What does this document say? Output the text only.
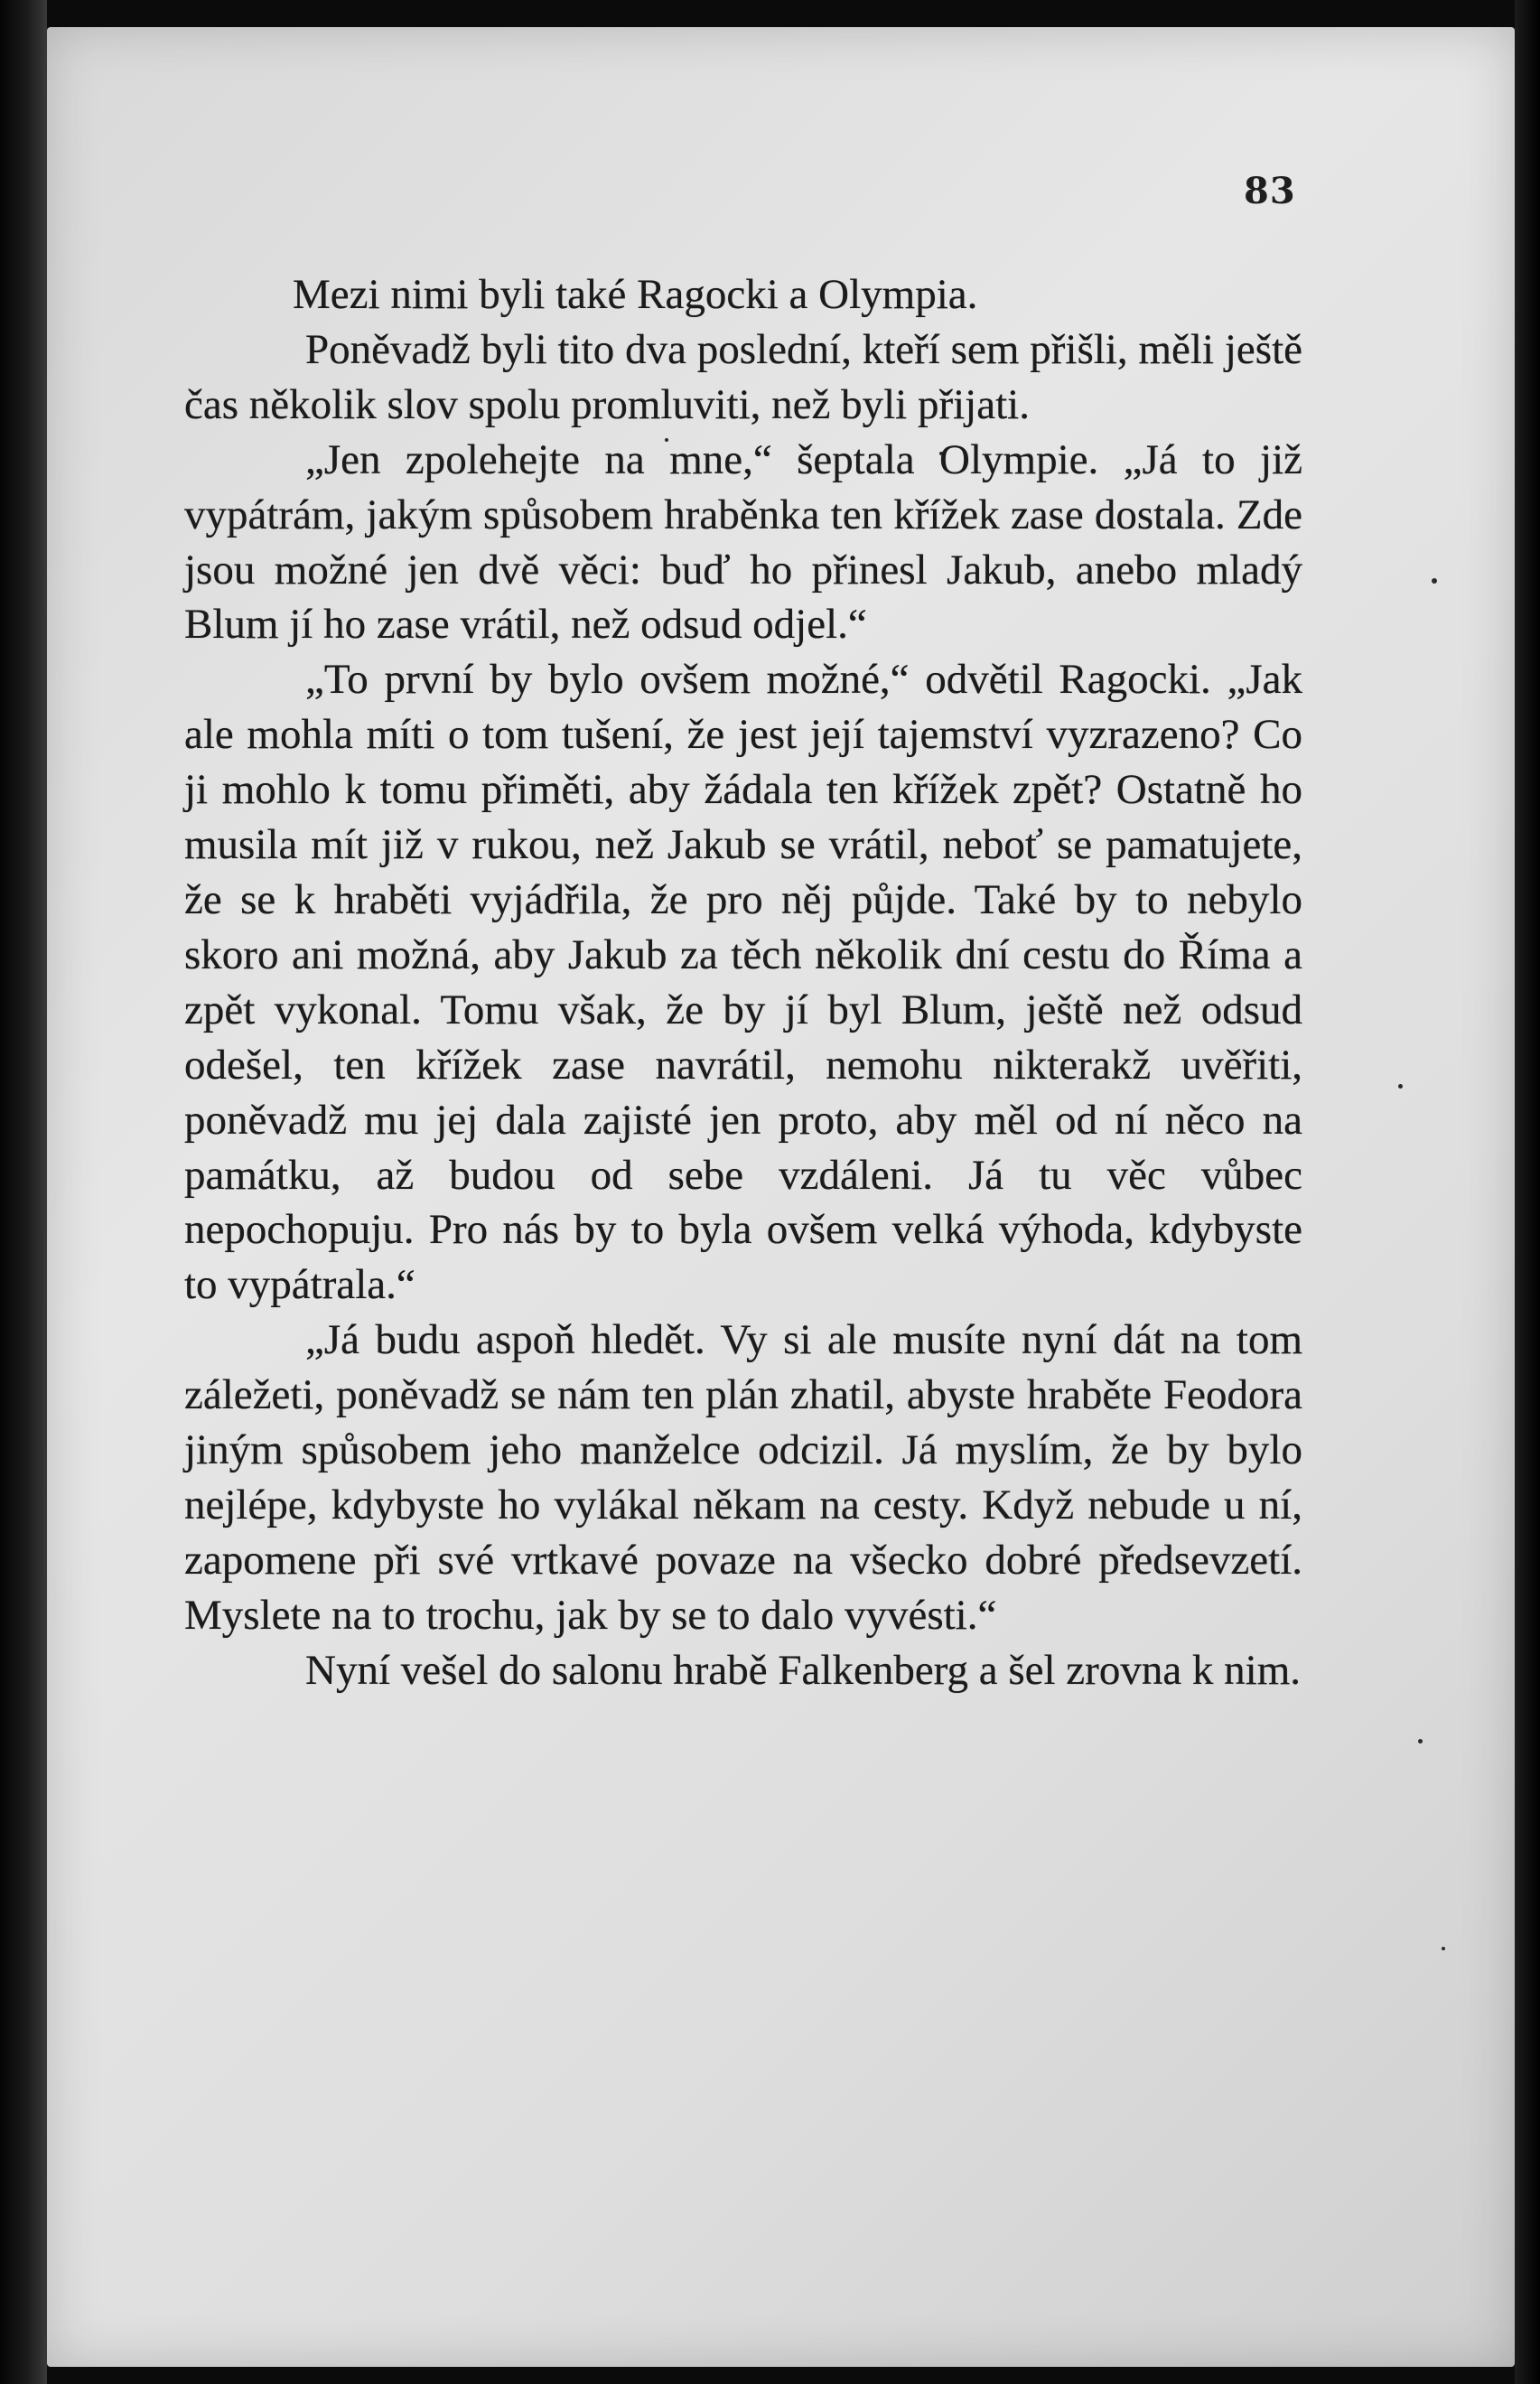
83

Mezi nimi byli také Ragocki a Olympia.

Poněvadž byli tito dva poslední, kteří sem přišli, měli ještě čas několik slov spolu promluviti, než byli přijati.

„Jen zpolehejte na mne,“ šeptala Olympie. „Já to již vypátrám, jakým spůsobem hraběnka ten křížek zase dostala. Zde jsou možné jen dvě věci: buď ho přinesl Jakub, anebo mladý Blum jí ho zase vrátil, než odsud odjel.“

„To první by bylo ovšem možné,“ odvětil Ragocki. „Jak ale mohla míti o tom tušení, že jest její tajemství vyzrazeno? Co ji mohlo k tomu přiměti, aby žádala ten křížek zpět? Ostatně ho musila mít již v rukou, než Jakub se vrátil, neboť se pamatujete, že se k hraběti vyjádřila, že pro něj půjde. Také by to nebylo skoro ani možná, aby Jakub za těch několik dní cestu do Říma a zpět vykonal. Tomu však, že by jí byl Blum, ještě než odsud odešel, ten křížek zase navrátil, nemohu nikterakž uvěřiti, poněvadž mu jej dala zajisté jen proto, aby měl od ní něco na památku, až budou od sebe vzdáleni. Já tu věc vůbec nepochopuju. Pro nás by to byla ovšem velká výhoda, kdybyste to vypátrala.“

„Já budu aspoň hledět. Vy si ale musíte nyní dát na tom záležeti, poněvadž se nám ten plán zhatil, abyste hraběte Feodora jiným spůsobem jeho manželce odcizil. Já myslím, že by bylo nejlépe, kdybyste ho vylákal někam na cesty. Když nebude u ní, zapomene při své vrtkavé povaze na všecko dobré předsevzetí. Myslete na to trochu, jak by se to dalo vyvésti.“

Nyní vešel do salonu hrabě Falkenberg a šel zrovna k nim.
